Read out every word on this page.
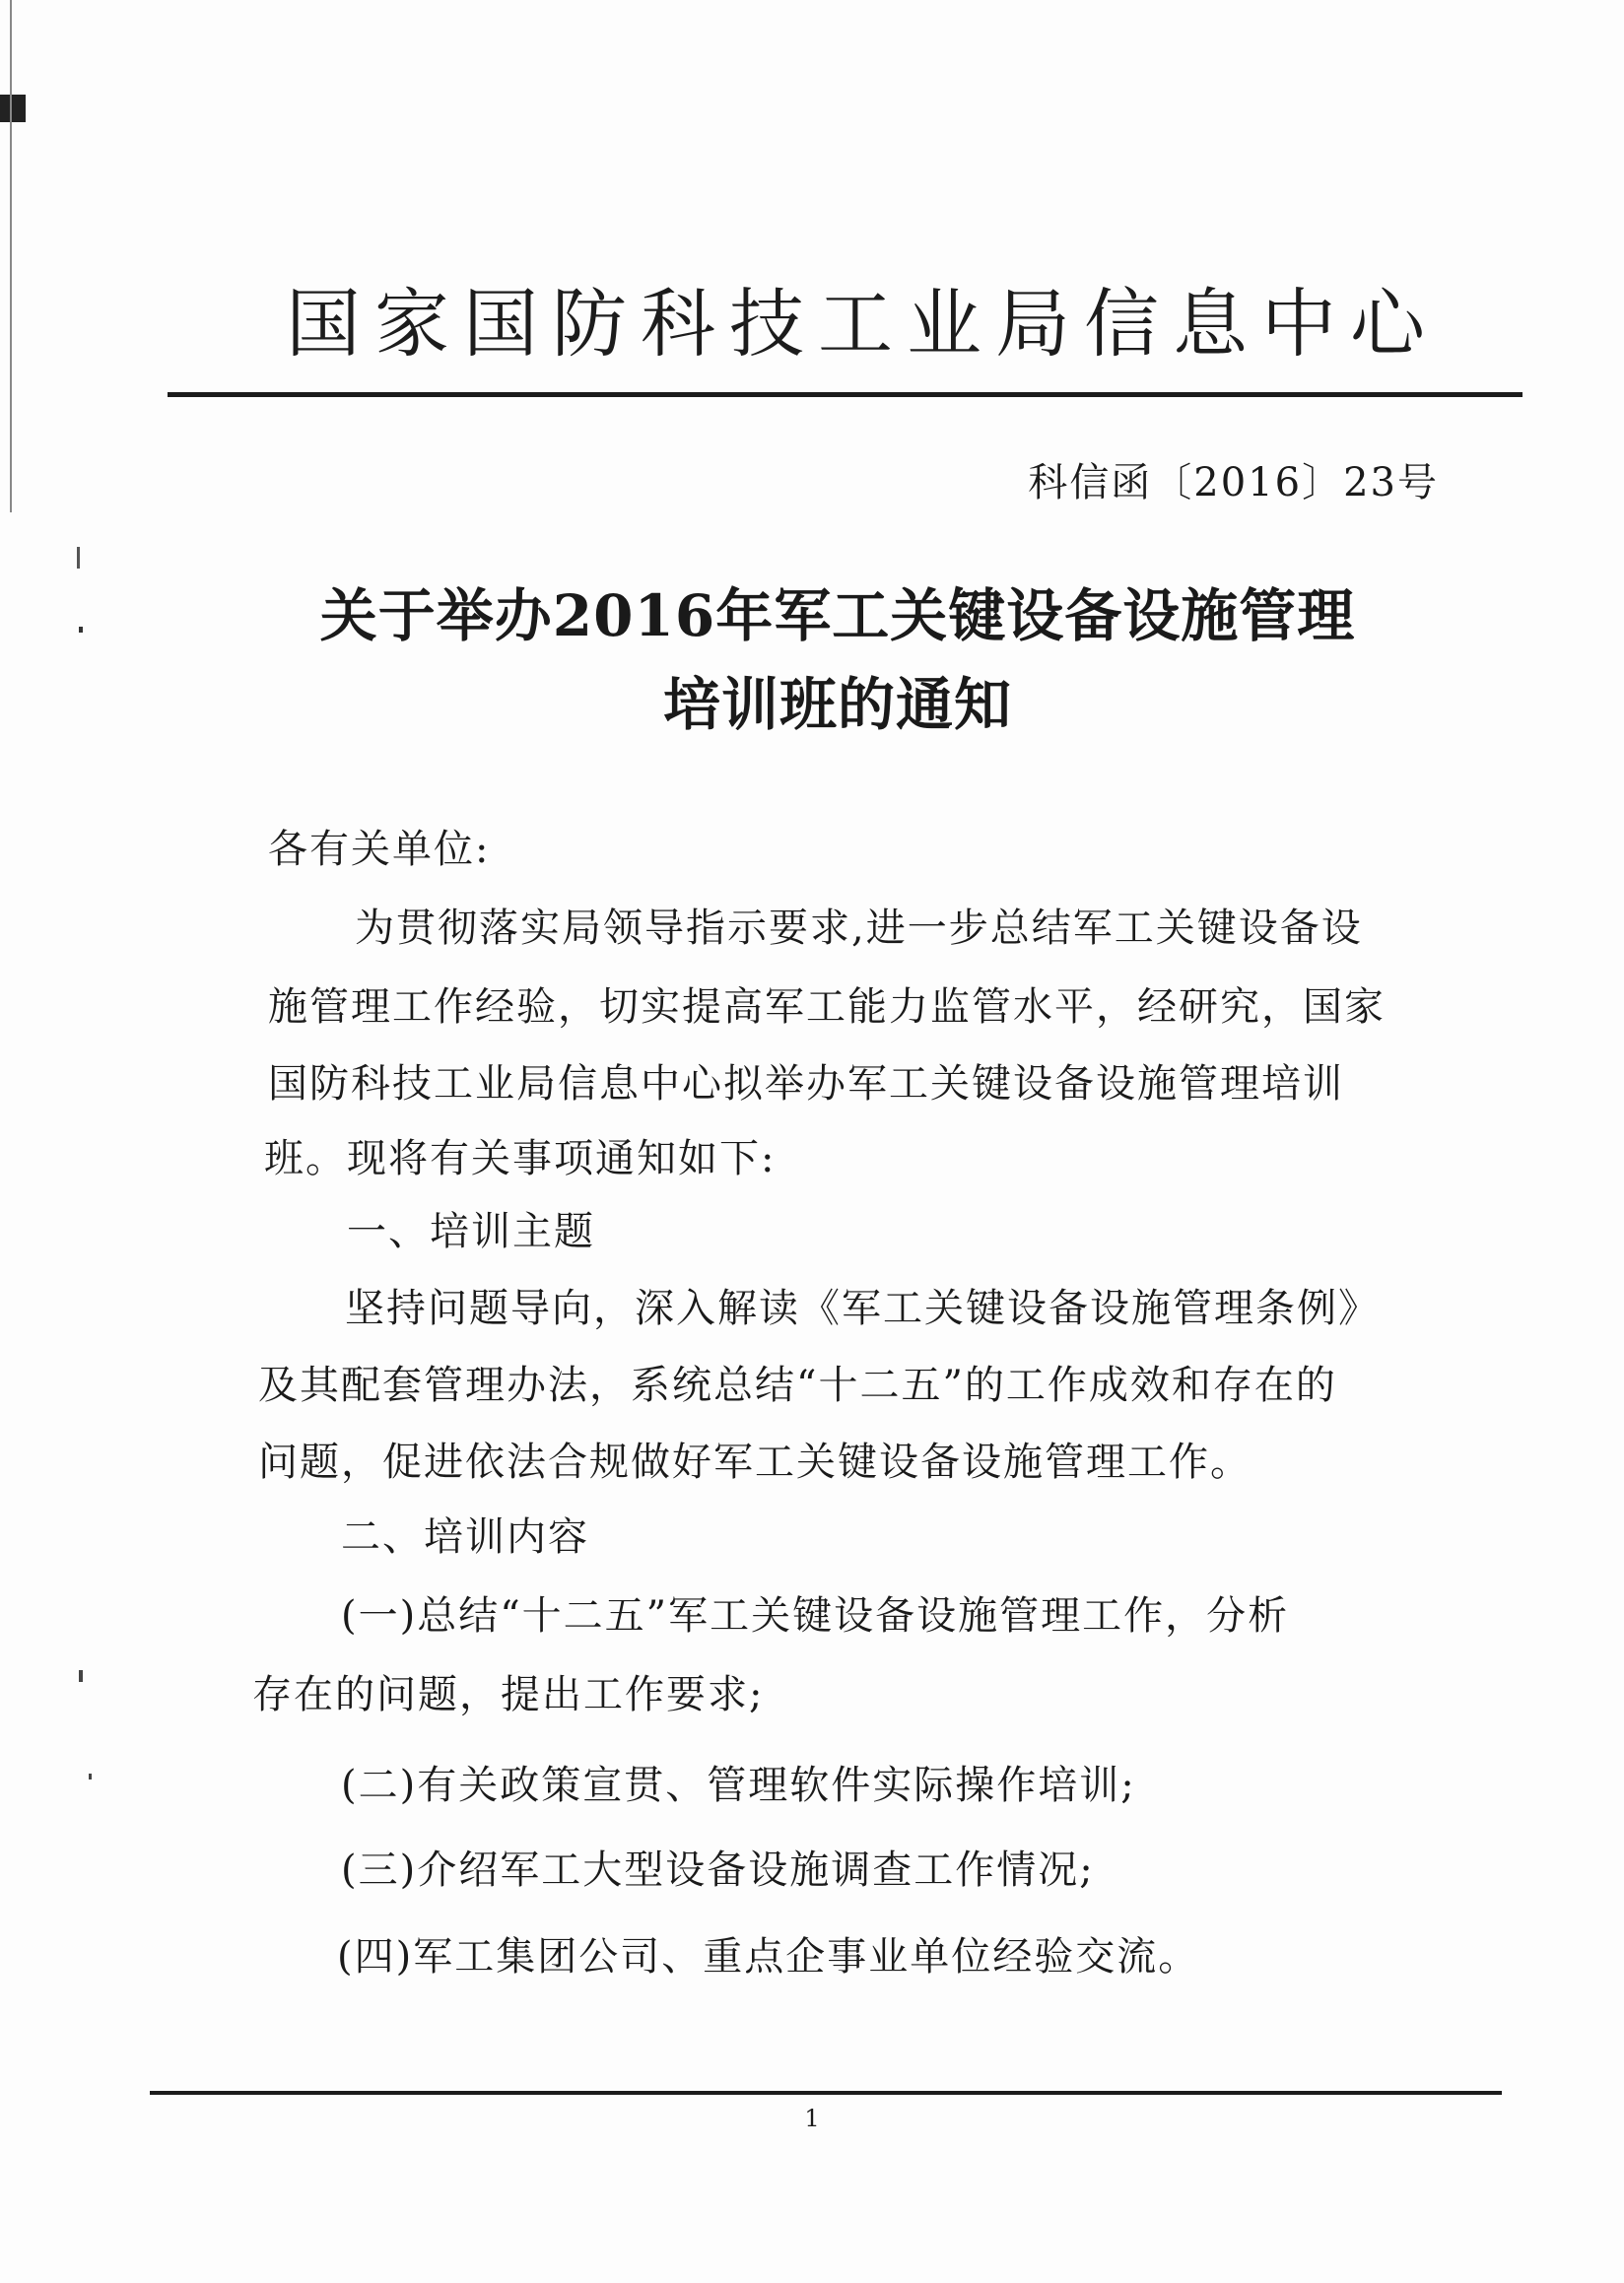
国家国防科技工业局信息中心
科信函〔2016〕23号
关于举办2016年军工关键设备设施管理
培训班的通知
各有关单位:
为贯彻落实局领导指示要求,进一步总结军工关键设备设
施管理工作经验，切实提高军工能力监管水平，经研究，国家
国防科技工业局信息中心拟举办军工关键设备设施管理培训
班。现将有关事项通知如下:
一、培训主题
坚持问题导向，深入解读《军工关键设备设施管理条例》
及其配套管理办法，系统总结“十二五”的工作成效和存在的
问题，促进依法合规做好军工关键设备设施管理工作。
二、培训内容
(一)总结“十二五”军工关键设备设施管理工作，分析
存在的问题，提出工作要求;
(二)有关政策宣贯、管理软件实际操作培训;
(三)介绍军工大型设备设施调查工作情况;
(四)军工集团公司、重点企事业单位经验交流。
1
